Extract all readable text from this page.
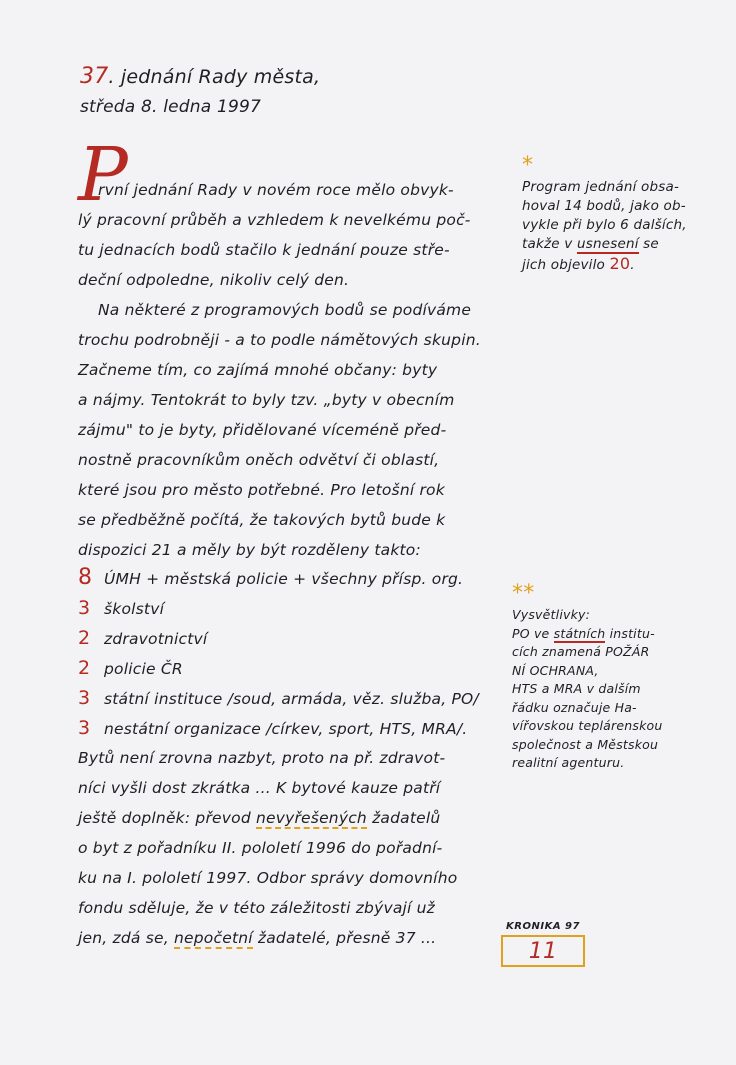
37. jednání Rady města,
středa 8. ledna 1997
P
rvní jednání Rady v novém roce mělo obvyk-
lý pracovní průběh a vzhledem k nevelkému poč-
tu jednacích bodů stačilo k jednání pouze stře-
deční odpoledne, nikoliv celý den.
Na některé z programových bodů se podíváme
trochu podrobněji - a to podle námětových skupin.
Začneme tím, co zajímá mnohé občany: byty
a nájmy. Tentokrát to byly tzv. „byty v obecním
zájmu" to je byty, přidělované víceméně před-
nostně pracovníkům oněch odvětví či oblastí,
které jsou pro město potřebné. Pro letošní rok
se předběžně počítá, že takových bytů bude k
dispozici 21 a měly by být rozděleny takto:
8 ÚMH + městská policie + všechny přísp. org.
3 školství
2 zdravotnictví
2 policie ČR
3 státní instituce /soud, armáda, věz. služba, PO/
3 nestátní organizace /církev, sport, HTS, MRA/.
Bytů není zrovna nazbyt, proto na př. zdravot-
níci vyšli dost zkrátka ... K bytové kauze patří
ještě doplněk: převod nevyřešených žadatelů
o byt z pořadníku II. pololetí 1996 do pořadní-
ku na I. pololetí 1997. Odbor správy domovního
fondu sděluje, že v této záležitosti zbývají už
jen, zdá se, nepočetní žadatelé, přesně 37 ...
*
Program jednání obsa-
hoval 14 bodů, jako ob-
vykle při bylo 6 dalších,
takže v usnesení se
jich objevilo 20.
**
Vysvětlivky:
PO ve státních institu-
cích znamená POŽÁR
NÍ OCHRANA,
HTS a MRA v dalším
řádku označuje Ha-
vířovskou teplárenskou
společnost a Městskou
realitní agenturu.
KRONIKA 97
11
